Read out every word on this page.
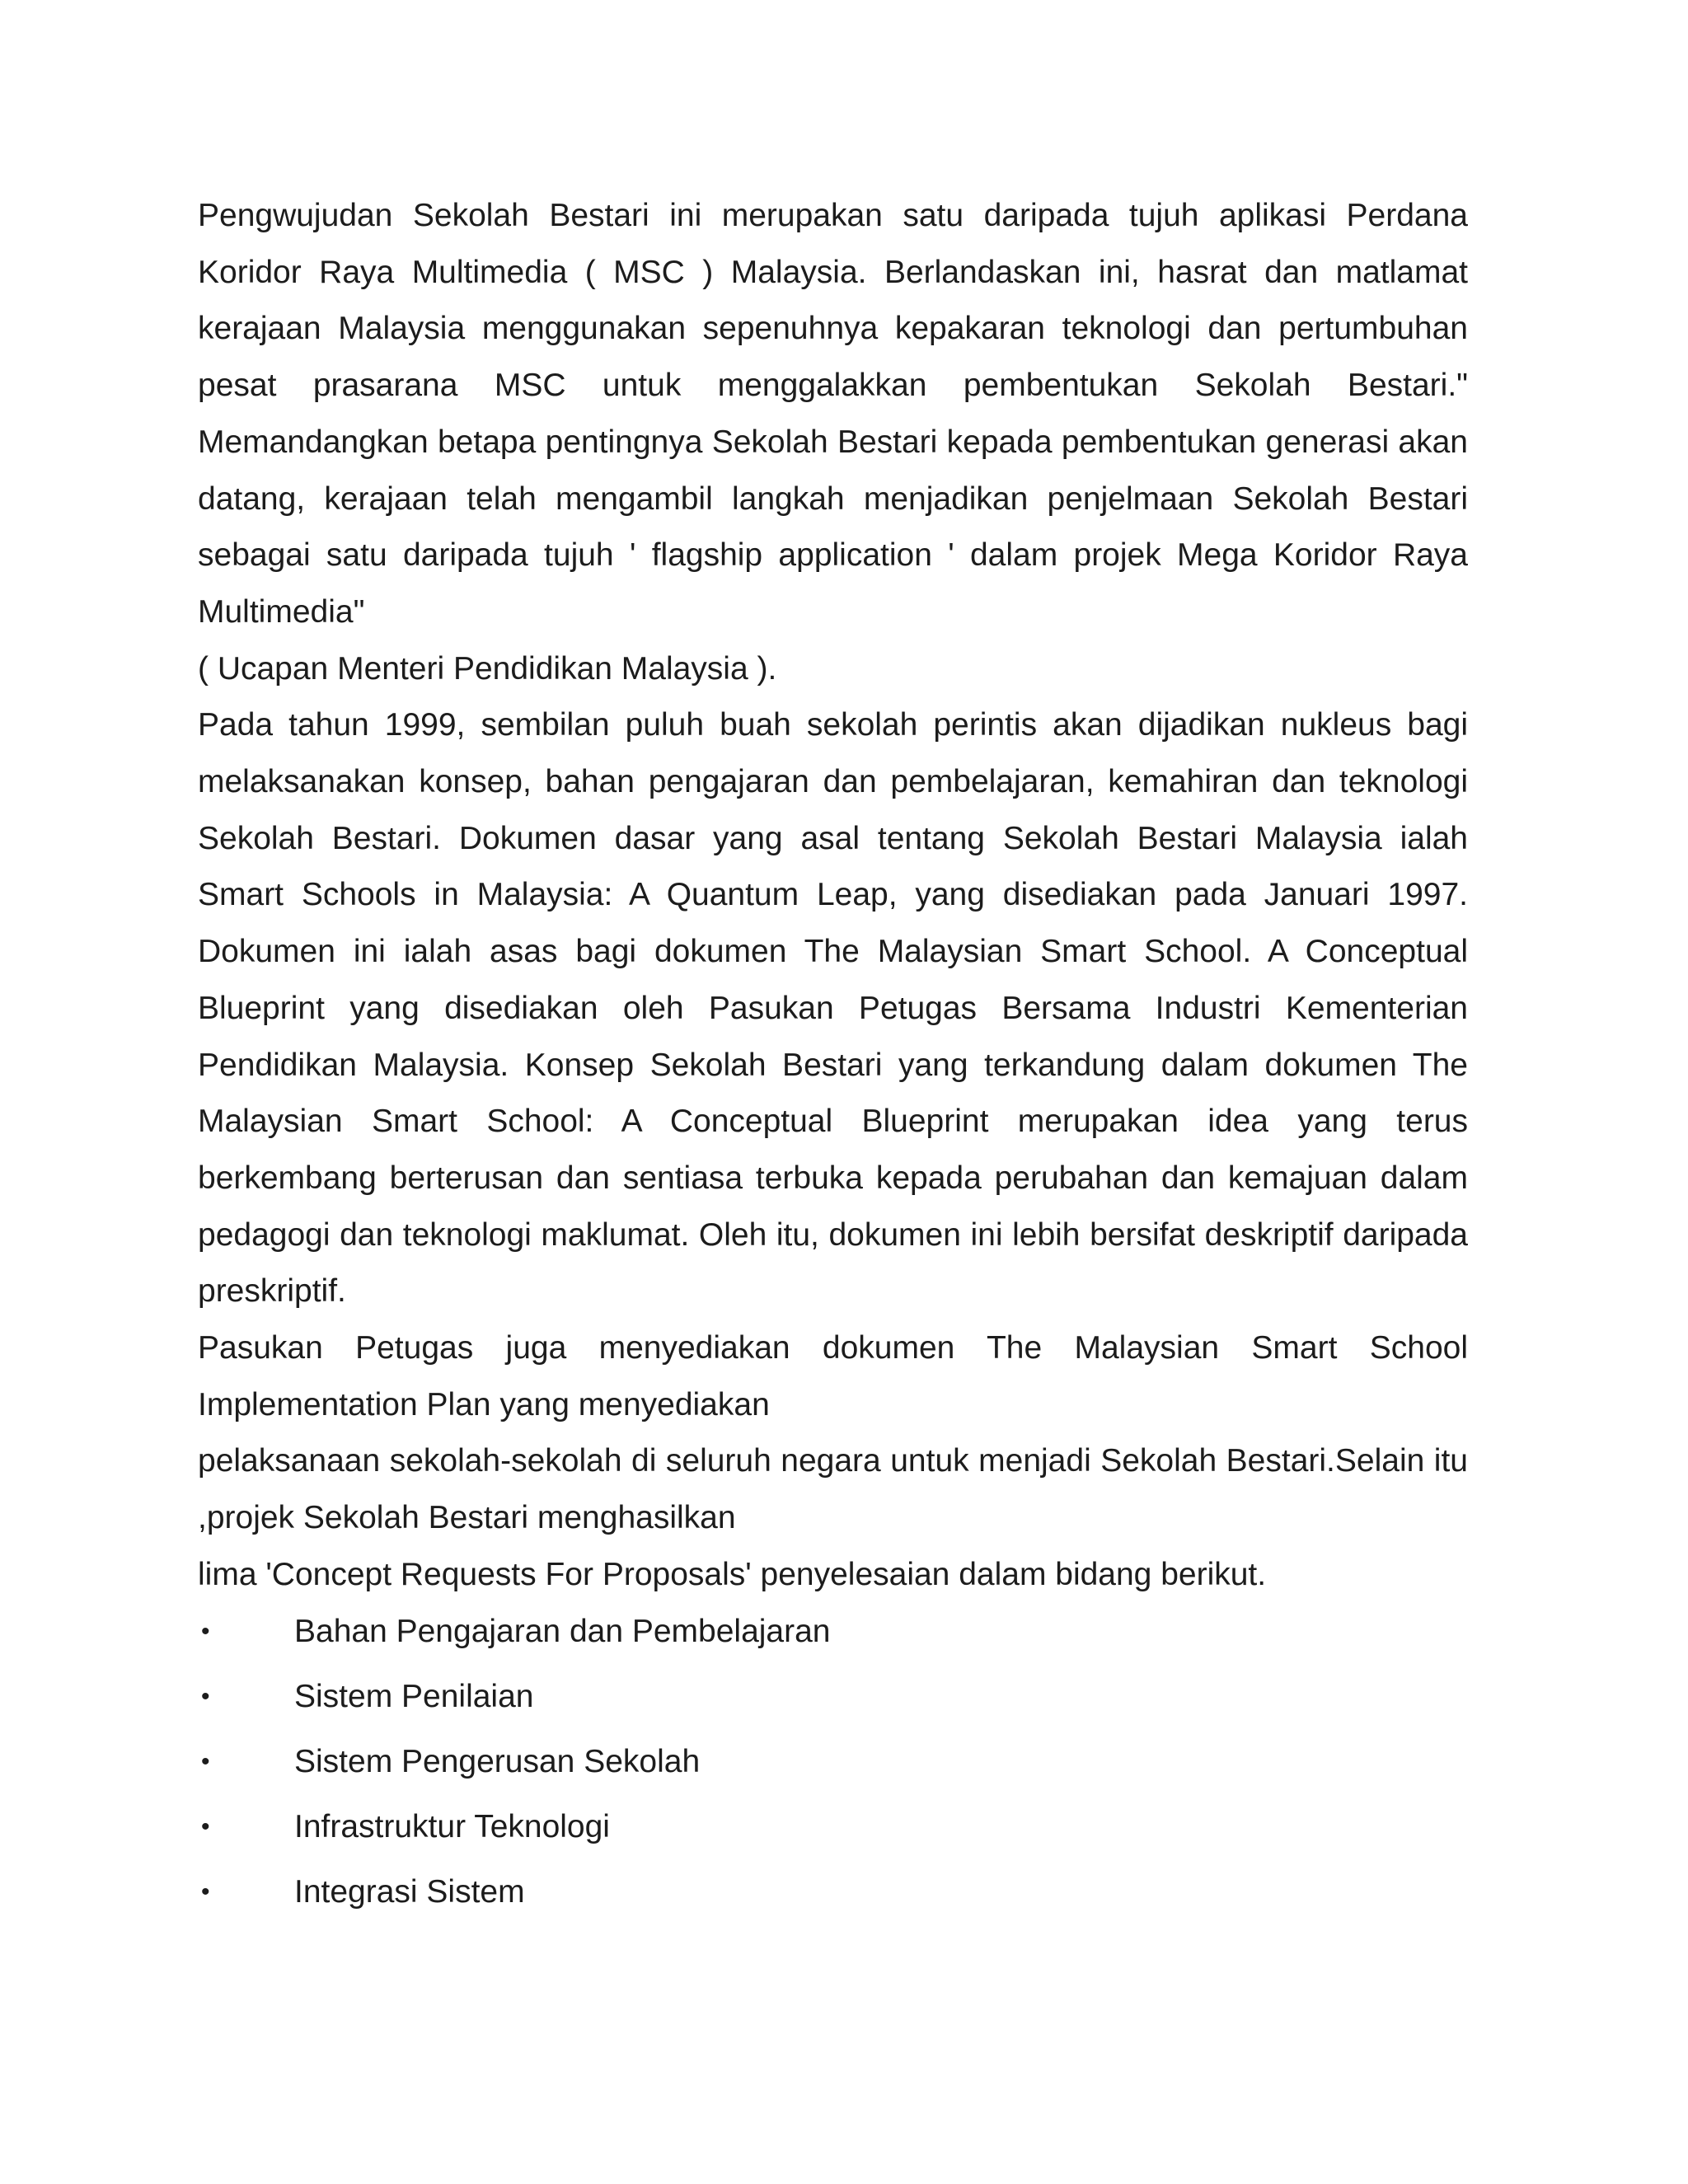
Pengwujudan Sekolah Bestari ini merupakan satu daripada tujuh aplikasi Perdana Koridor Raya Multimedia ( MSC ) Malaysia. Berlandaskan ini, hasrat dan matlamat kerajaan Malaysia menggunakan sepenuhnya kepakaran teknologi dan pertumbuhan pesat prasarana MSC untuk menggalakkan pembentukan Sekolah Bestari." Memandangkan betapa pentingnya Sekolah Bestari kepada pembentukan generasi akan datang, kerajaan telah mengambil langkah menjadikan penjelmaan Sekolah Bestari sebagai satu daripada tujuh ' flagship application ' dalam projek Mega Koridor Raya Multimedia"

( Ucapan Menteri Pendidikan Malaysia ).

Pada tahun 1999, sembilan puluh buah sekolah perintis akan dijadikan nukleus bagi melaksanakan konsep, bahan pengajaran dan pembelajaran, kemahiran dan teknologi Sekolah Bestari. Dokumen dasar yang asal tentang Sekolah Bestari Malaysia ialah Smart Schools in Malaysia: A Quantum Leap, yang disediakan pada Januari 1997. Dokumen ini ialah asas bagi dokumen The Malaysian Smart School. A Conceptual Blueprint yang disediakan oleh Pasukan Petugas Bersama Industri Kementerian Pendidikan Malaysia. Konsep Sekolah Bestari yang terkandung dalam dokumen The Malaysian Smart School: A Conceptual Blueprint merupakan idea yang terus berkembang berterusan dan sentiasa terbuka kepada perubahan dan kemajuan dalam pedagogi dan teknologi maklumat. Oleh itu, dokumen ini lebih bersifat deskriptif daripada preskriptif.

Pasukan Petugas juga menyediakan dokumen The Malaysian Smart School Implementation Plan yang menyediakan

pelaksanaan sekolah-sekolah di seluruh negara untuk menjadi Sekolah Bestari.Selain itu ,projek Sekolah Bestari menghasilkan

lima 'Concept Requests For Proposals' penyelesaian dalam bidang berikut.

•	Bahan Pengajaran dan Pembelajaran
•	Sistem Penilaian
•	Sistem Pengerusan Sekolah
•	Infrastruktur Teknologi
•	Integrasi Sistem
